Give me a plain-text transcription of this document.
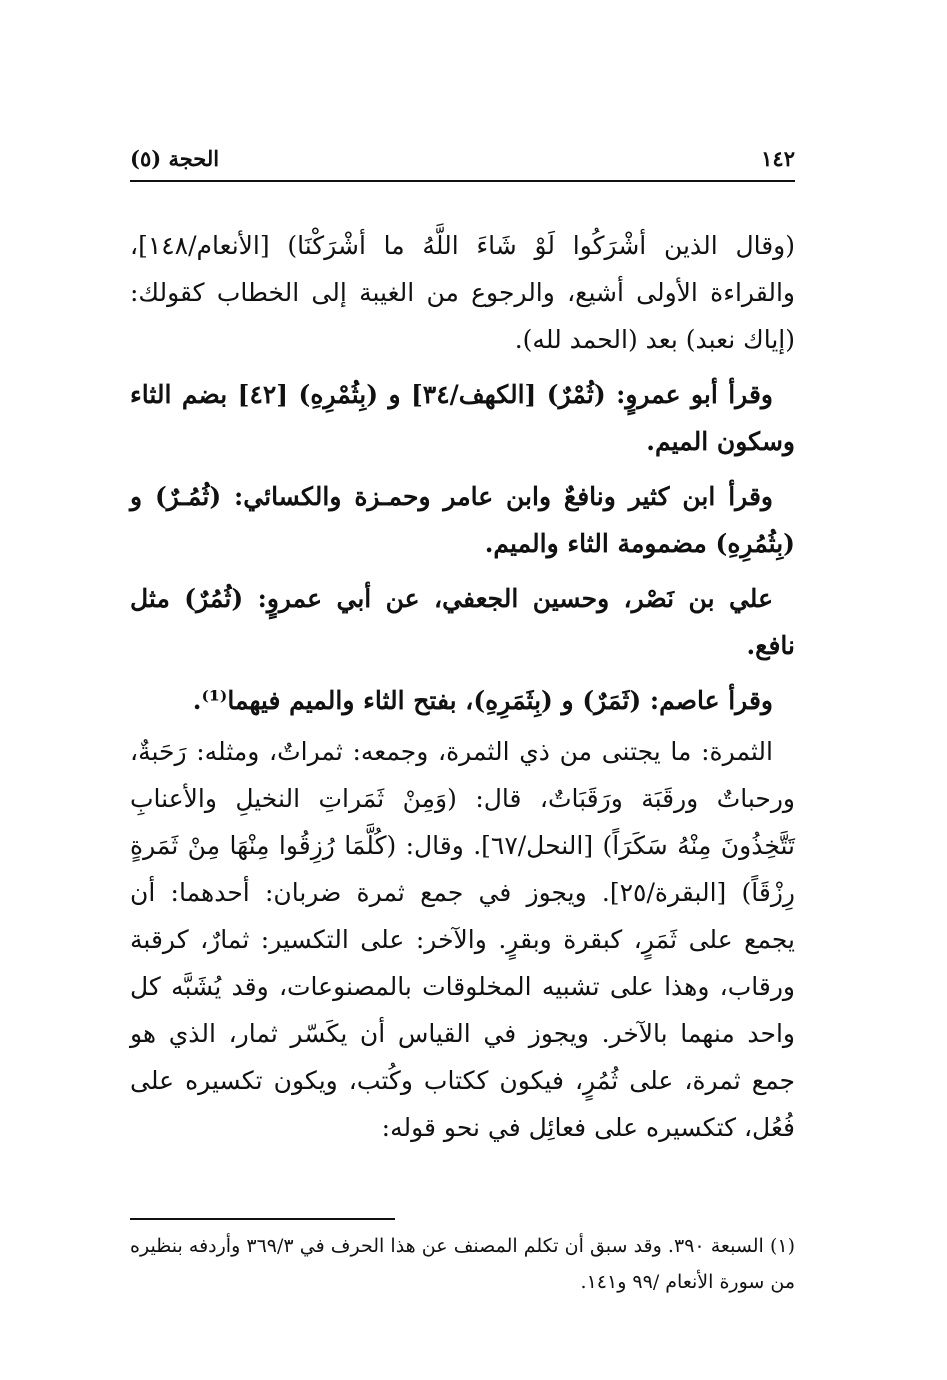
١٤٢
الحجة (٥)

(وقال الذين أشْرَكُوا لَوْ شَاءَ اللَّهُ ما أشْرَكْنَا) [الأنعام/١٤٨]، والقراءة الأولى أشيع، والرجوع من الغيبة إلى الخطاب كقولك: (إياك نعبد) بعد (الحمد لله).

وقرأ أبو عمروٍ: (ثُمْرٌ) [الكهف/٣٤] و (بِثُمْرِهِ) [٤٢] بضم الثاء وسكون الميم.

وقرأ ابن كثير ونافعٌ وابن عامر وحمـزة والكسائي: (ثُمُـرٌ) و (بِثُمُرِهِ) مضمومة الثاء والميم.

علي بن نَصْر، وحسين الجعفي، عن أبي عمروٍ: (ثُمُرٌ) مثل نافع.

وقرأ عاصم: (ثَمَرٌ) و (بِثَمَرِهِ)، بفتح الثاء والميم فيهما⁽¹⁾.

الثمرة: ما يجتنى من ذي الثمرة، وجمعه: ثمراتٌ، ومثله: رَحَبةٌ، ورحباتٌ ورقَبَة ورَقَبَاتٌ، قال: (وَمِنْ ثَمَراتِ النخيلِ والأعنابِ تَتَّخِذُونَ مِنْهُ سَكَرَاً) [النحل/٦٧]. وقال: (كُلَّمَا رُزِقُوا مِنْهَا مِنْ ثَمَرةٍ رِزْقَاً) [البقرة/٢٥]. ويجوز في جمع ثمرة ضربان: أحدهما: أن يجمع على ثَمَرٍ، كبقرة وبقرٍ. والآخر: على التكسير: ثمارٌ، كرقبة ورقاب، وهذا على تشبيه المخلوقات بالمصنوعات، وقد يُشَبَّه كل واحد منهما بالآخر. ويجوز في القياس أن يكَسّر ثمار، الذي هو جمع ثمرة، على ثُمُرٍ، فيكون ككتاب وكُتب، ويكون تكسيره على فُعُل، كتكسيره على فعائِل في نحو قوله:

(١) السبعة ٣٩٠. وقد سبق أن تكلم المصنف عن هذا الحرف في ٣٦٩/٣ وأردفه بنظيره من سورة الأنعام /٩٩ و١٤١.
